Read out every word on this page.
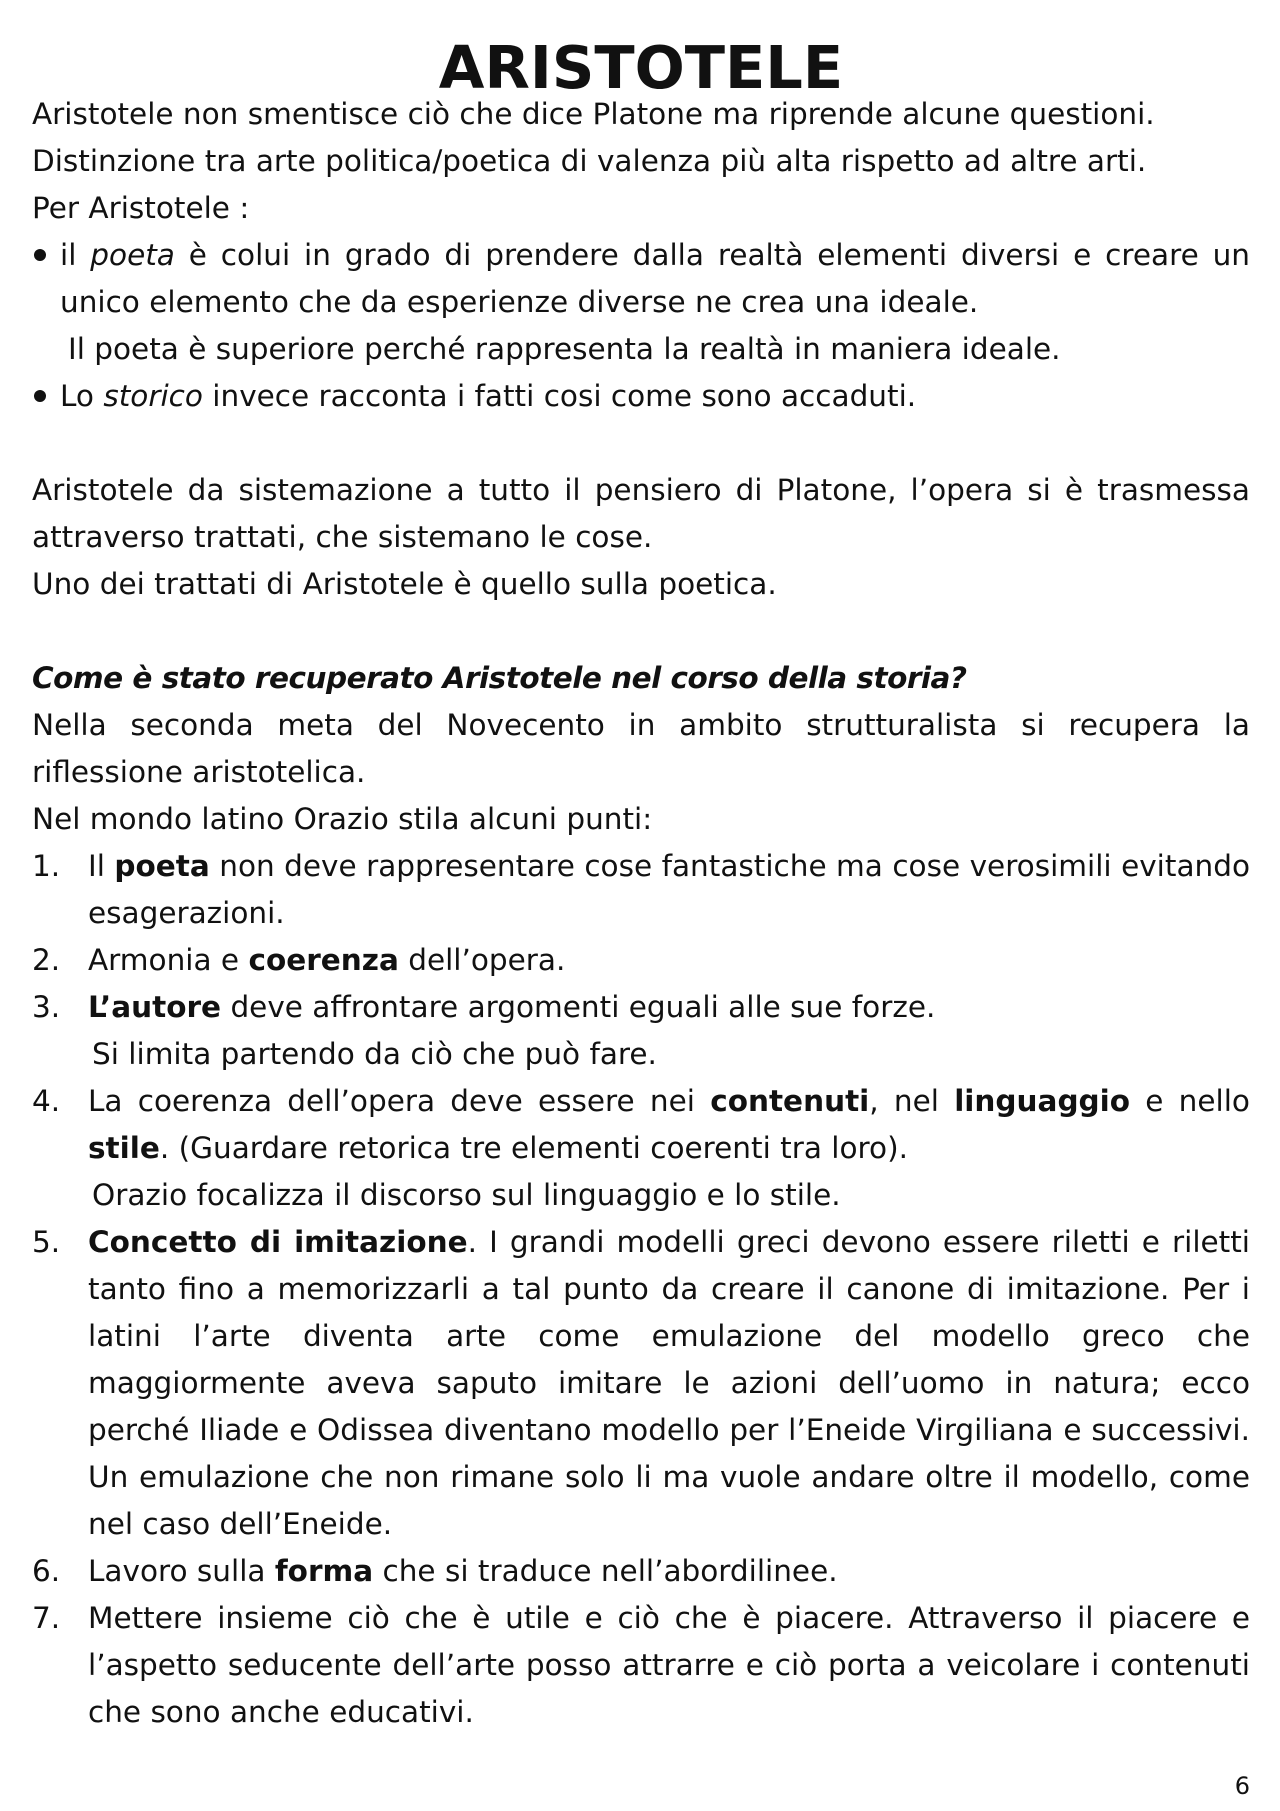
ARISTOTELE

Aristotele non smentisce ciò che dice Platone ma riprende alcune questioni.

Distinzione tra arte politica/poetica di valenza più alta rispetto ad altre arti.

Per Aristotele :

il poeta è colui in grado di prendere dalla realtà elementi diversi e creare un unico elemento che da esperienze diverse ne crea una ideale.

Il poeta è superiore perché rappresenta la realtà in maniera ideale.

Lo storico invece racconta i fatti cosi come sono accaduti.

Aristotele da sistemazione a tutto il pensiero di Platone, l’opera si è trasmessa attraverso trattati, che sistemano le cose.

Uno dei trattati di Aristotele è quello sulla poetica.

Come è stato recuperato Aristotele nel corso della storia?

Nella seconda meta del Novecento in ambito strutturalista si recupera la riflessione aristotelica.

Nel mondo latino Orazio stila alcuni punti:

1. Il poeta non deve rappresentare cose fantastiche ma cose verosimili evitando esagerazioni.
2. Armonia e coerenza dell’opera.
3. L’autore deve affrontare argomenti eguali alle sue forze.

Si limita partendo da ciò che può fare.

4. La coerenza dell’opera deve essere nei contenuti, nel linguaggio e nello stile. (Guardare retorica tre elementi coerenti tra loro).

Orazio focalizza il discorso sul linguaggio e lo stile.

5. Concetto di imitazione. I grandi modelli greci devono essere riletti e riletti tanto fino a memorizzarli a tal punto da creare il canone di imitazione. Per i latini l’arte diventa arte come emulazione del modello greco che maggiormente aveva saputo imitare le azioni dell’uomo in natura; ecco perché Iliade e Odissea diventano modello per l’Eneide Virgiliana e successivi. Un emulazione che non rimane solo li ma vuole andare oltre il modello, come nel caso dell’Eneide.
6. Lavoro sulla forma che si traduce nell’abordilinee.
7. Mettere insieme ciò che è utile e ciò che è piacere. Attraverso il piacere e l’aspetto seducente dell’arte posso attrarre e ciò porta a veicolare i contenuti che sono anche educativi.
6
